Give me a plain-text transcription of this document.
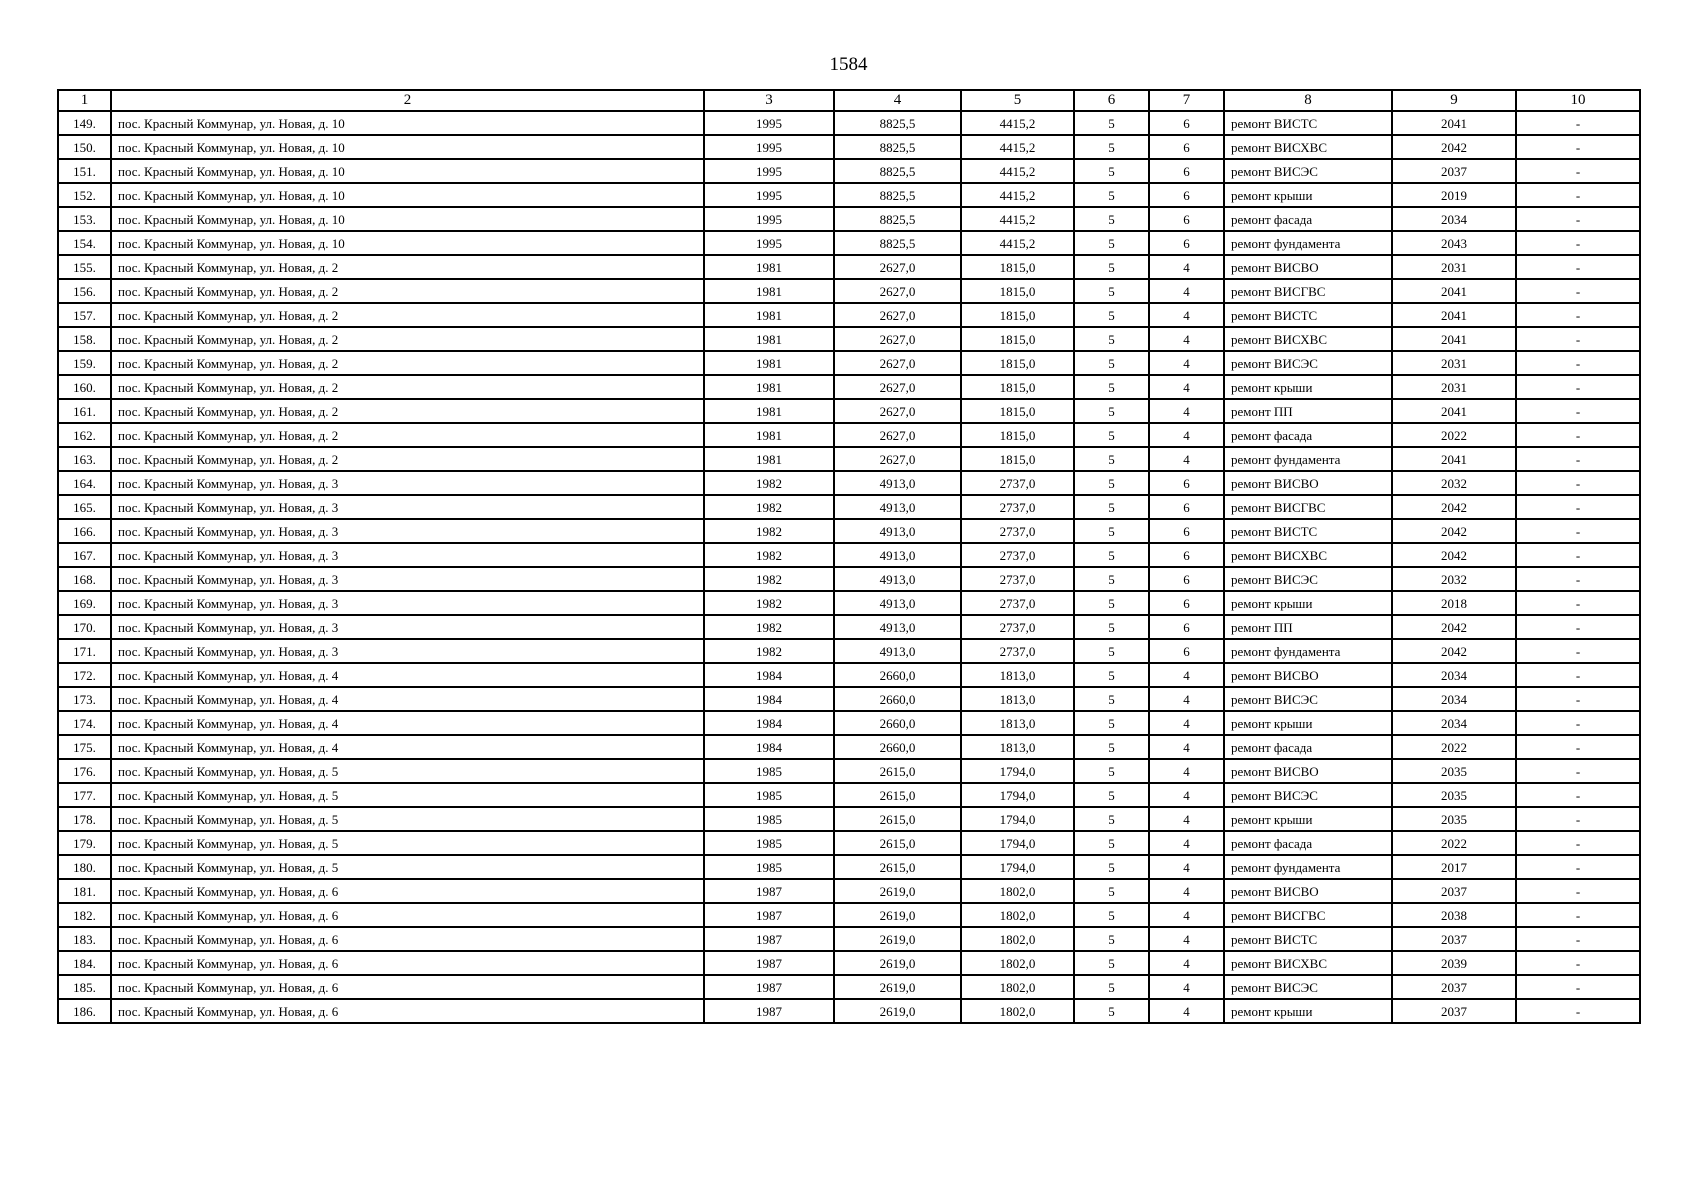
1584
1	2	3	4	5	6	7	8	9	10
149.	пос. Красный Коммунар, ул. Новая, д. 10	1995	8825,5	4415,2	5	6	ремонт ВИСТС	2041	-
150.	пос. Красный Коммунар, ул. Новая, д. 10	1995	8825,5	4415,2	5	6	ремонт ВИСХВС	2042	-
151.	пос. Красный Коммунар, ул. Новая, д. 10	1995	8825,5	4415,2	5	6	ремонт ВИСЭС	2037	-
152.	пос. Красный Коммунар, ул. Новая, д. 10	1995	8825,5	4415,2	5	6	ремонт крыши	2019	-
153.	пос. Красный Коммунар, ул. Новая, д. 10	1995	8825,5	4415,2	5	6	ремонт фасада	2034	-
154.	пос. Красный Коммунар, ул. Новая, д. 10	1995	8825,5	4415,2	5	6	ремонт фундамента	2043	-
155.	пос. Красный Коммунар, ул. Новая, д. 2	1981	2627,0	1815,0	5	4	ремонт ВИСВО	2031	-
156.	пос. Красный Коммунар, ул. Новая, д. 2	1981	2627,0	1815,0	5	4	ремонт ВИСГВС	2041	-
157.	пос. Красный Коммунар, ул. Новая, д. 2	1981	2627,0	1815,0	5	4	ремонт ВИСТС	2041	-
158.	пос. Красный Коммунар, ул. Новая, д. 2	1981	2627,0	1815,0	5	4	ремонт ВИСХВС	2041	-
159.	пос. Красный Коммунар, ул. Новая, д. 2	1981	2627,0	1815,0	5	4	ремонт ВИСЭС	2031	-
160.	пос. Красный Коммунар, ул. Новая, д. 2	1981	2627,0	1815,0	5	4	ремонт крыши	2031	-
161.	пос. Красный Коммунар, ул. Новая, д. 2	1981	2627,0	1815,0	5	4	ремонт ПП	2041	-
162.	пос. Красный Коммунар, ул. Новая, д. 2	1981	2627,0	1815,0	5	4	ремонт фасада	2022	-
163.	пос. Красный Коммунар, ул. Новая, д. 2	1981	2627,0	1815,0	5	4	ремонт фундамента	2041	-
164.	пос. Красный Коммунар, ул. Новая, д. 3	1982	4913,0	2737,0	5	6	ремонт ВИСВО	2032	-
165.	пос. Красный Коммунар, ул. Новая, д. 3	1982	4913,0	2737,0	5	6	ремонт ВИСГВС	2042	-
166.	пос. Красный Коммунар, ул. Новая, д. 3	1982	4913,0	2737,0	5	6	ремонт ВИСТС	2042	-
167.	пос. Красный Коммунар, ул. Новая, д. 3	1982	4913,0	2737,0	5	6	ремонт ВИСХВС	2042	-
168.	пос. Красный Коммунар, ул. Новая, д. 3	1982	4913,0	2737,0	5	6	ремонт ВИСЭС	2032	-
169.	пос. Красный Коммунар, ул. Новая, д. 3	1982	4913,0	2737,0	5	6	ремонт крыши	2018	-
170.	пос. Красный Коммунар, ул. Новая, д. 3	1982	4913,0	2737,0	5	6	ремонт ПП	2042	-
171.	пос. Красный Коммунар, ул. Новая, д. 3	1982	4913,0	2737,0	5	6	ремонт фундамента	2042	-
172.	пос. Красный Коммунар, ул. Новая, д. 4	1984	2660,0	1813,0	5	4	ремонт ВИСВО	2034	-
173.	пос. Красный Коммунар, ул. Новая, д. 4	1984	2660,0	1813,0	5	4	ремонт ВИСЭС	2034	-
174.	пос. Красный Коммунар, ул. Новая, д. 4	1984	2660,0	1813,0	5	4	ремонт крыши	2034	-
175.	пос. Красный Коммунар, ул. Новая, д. 4	1984	2660,0	1813,0	5	4	ремонт фасада	2022	-
176.	пос. Красный Коммунар, ул. Новая, д. 5	1985	2615,0	1794,0	5	4	ремонт ВИСВО	2035	-
177.	пос. Красный Коммунар, ул. Новая, д. 5	1985	2615,0	1794,0	5	4	ремонт ВИСЭС	2035	-
178.	пос. Красный Коммунар, ул. Новая, д. 5	1985	2615,0	1794,0	5	4	ремонт крыши	2035	-
179.	пос. Красный Коммунар, ул. Новая, д. 5	1985	2615,0	1794,0	5	4	ремонт фасада	2022	-
180.	пос. Красный Коммунар, ул. Новая, д. 5	1985	2615,0	1794,0	5	4	ремонт фундамента	2017	-
181.	пос. Красный Коммунар, ул. Новая, д. 6	1987	2619,0	1802,0	5	4	ремонт ВИСВО	2037	-
182.	пос. Красный Коммунар, ул. Новая, д. 6	1987	2619,0	1802,0	5	4	ремонт ВИСГВС	2038	-
183.	пос. Красный Коммунар, ул. Новая, д. 6	1987	2619,0	1802,0	5	4	ремонт ВИСТС	2037	-
184.	пос. Красный Коммунар, ул. Новая, д. 6	1987	2619,0	1802,0	5	4	ремонт ВИСХВС	2039	-
185.	пос. Красный Коммунар, ул. Новая, д. 6	1987	2619,0	1802,0	5	4	ремонт ВИСЭС	2037	-
186.	пос. Красный Коммунар, ул. Новая, д. 6	1987	2619,0	1802,0	5	4	ремонт крыши	2037	-
